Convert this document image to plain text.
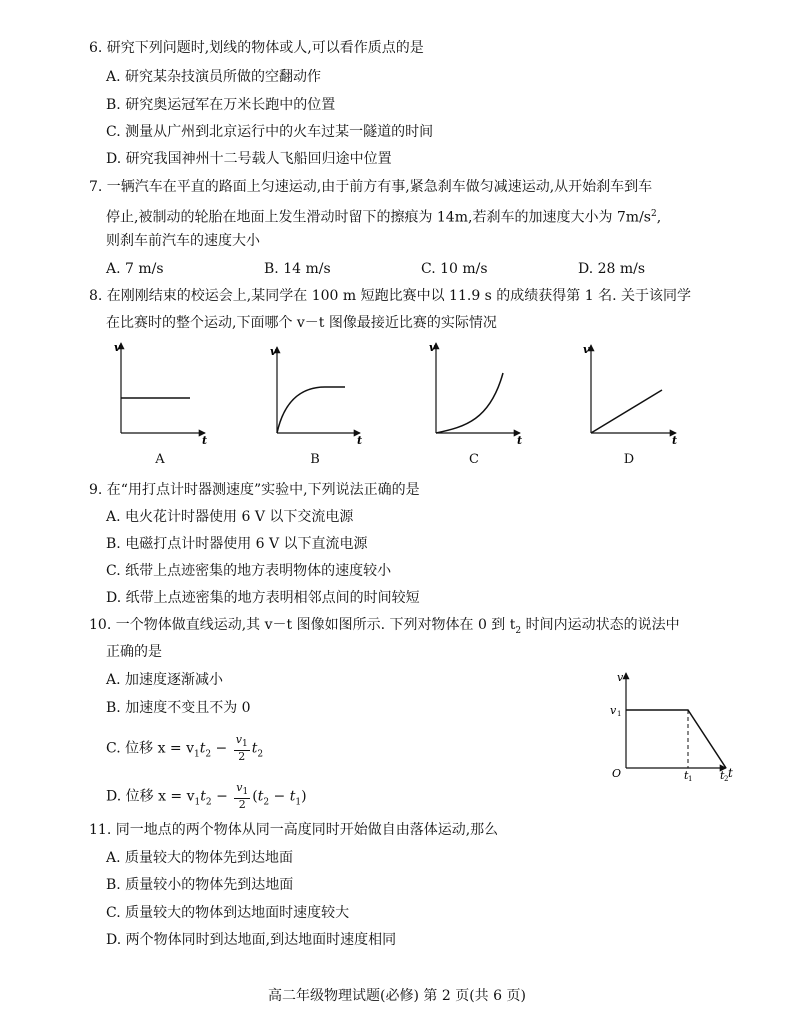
6. 研究下列问题时,划线的物体或人,可以看作质点的是
A. 研究某杂技演员所做的空翻动作
B. 研究奥运冠军在万米长跑中的位置
C. 测量从广州到北京运行中的火车过某一隧道的时间
D. 研究我国神州十二号载人飞船回归途中位置
7. 一辆汽车在平直的路面上匀速运动,由于前方有事,紧急刹车做匀减速运动,从开始刹车到车
停止,被制动的轮胎在地面上发生滑动时留下的擦痕为 14m,若刹车的加速度大小为 $7m/s^2$,
则刹车前汽车的速度大小
A. 7 m/s	B. 14 m/s	C. 10 m/s	D. 28 m/s
8. 在刚刚结束的校运会上,某同学在 100 m 短跑比赛中以 11.9 s 的成绩获得第 1 名. 关于该同学
在比赛时的整个运动,下面哪个 v－t 图像最接近比赛的实际情况
v
t
v
t
v
t
v
t
A	B	C	D
9. 在“用打点计时器测速度”实验中,下列说法正确的是
A. 电火花计时器使用 6 V 以下交流电源
B. 电磁打点计时器使用 6 V 以下直流电源
C. 纸带上点迹密集的地方表明物体的速度较小
D. 纸带上点迹密集的地方表明相邻点间的时间较短
10. 一个物体做直线运动,其 v－t 图像如图所示. 下列对物体在 0 到 $t_2$ 时间内运动状态的说法中
正确的是
A. 加速度逐渐减小
B. 加速度不变且不为 0
C. 位移 $x = v_1t_2 - \frac{v_1}{2} t_2$
D. 位移 $x = v_1t_2 - \frac{v_1}{2} (t_2 - t_1)$
v
t
O
v 1
t 1	t 2
11. 同一地点的两个物体从同一高度同时开始做自由落体运动,那么
A. 质量较大的物体先到达地面
B. 质量较小的物体先到达地面
C. 质量较大的物体到达地面时速度较大
D. 两个物体同时到达地面,到达地面时速度相同
高二年级物理试题(必修) 第 2 页(共 6 页)
